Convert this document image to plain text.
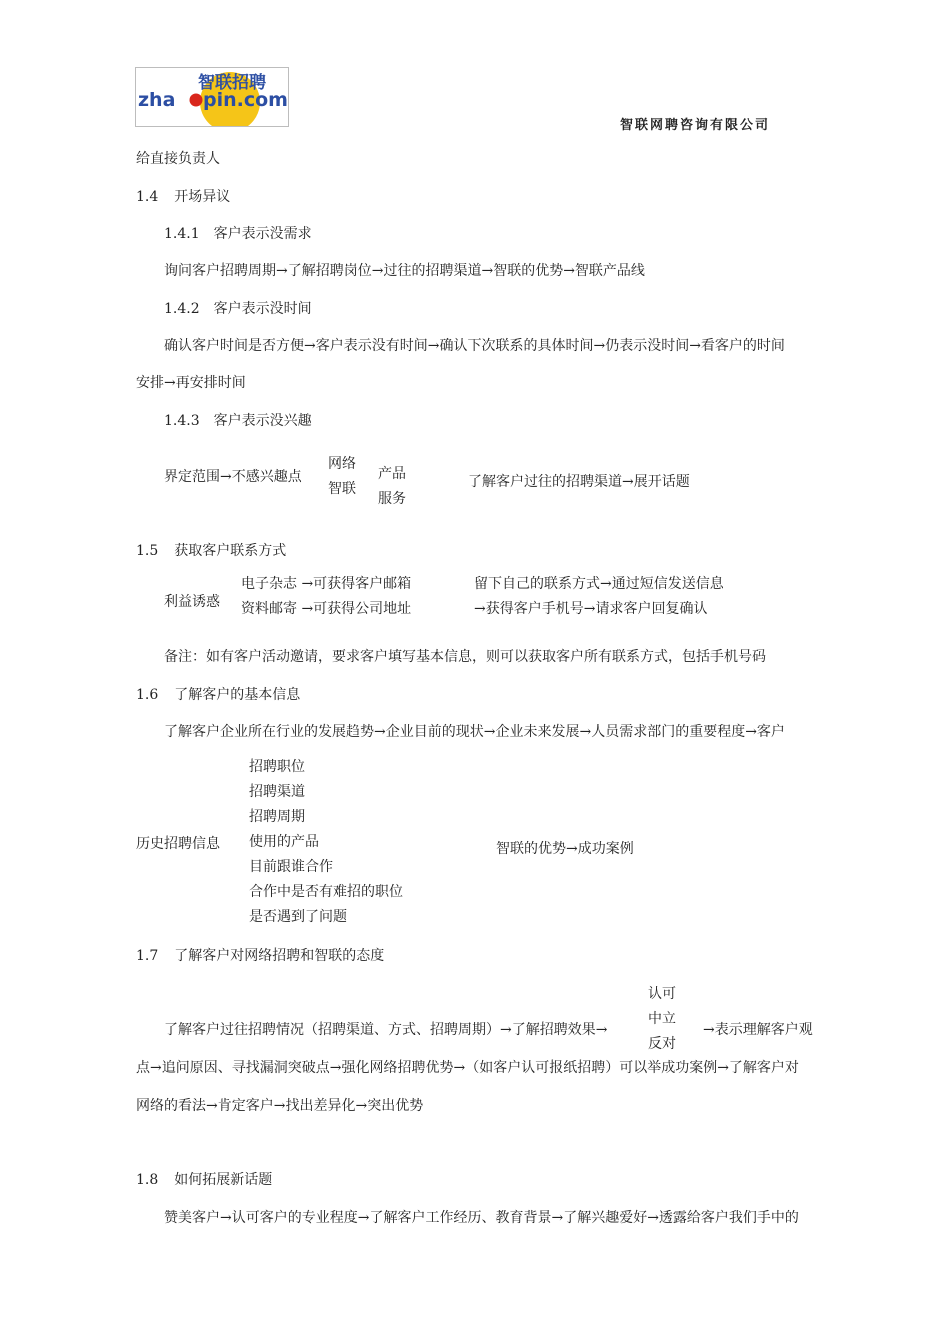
智联招聘
zha pin.com
智联网聘咨询有限公司
给直接负责人
1.4 开场异议
1.4.1 客户表示没需求
询问客户招聘周期→了解招聘岗位→过往的招聘渠道→智联的优势→智联产品线
1.4.2 客户表示没时间
确认客户时间是否方便→客户表示没有时间→确认下次联系的具体时间→仍表示没时间→看客户的时间
安排→再安排时间
1.4.3 客户表示没兴趣
界定范围→不感兴趣点
网络
智联
产品
服务
了解客户过往的招聘渠道→展开话题
1.5 获取客户联系方式
利益诱惑
电子杂志 →可获得客户邮箱
资料邮寄 →可获得公司地址
留下自己的联系方式→通过短信发送信息
→获得客户手机号→请求客户回复确认
备注：如有客户活动邀请，要求客户填写基本信息，则可以获取客户所有联系方式，包括手机号码
1.6 了解客户的基本信息
了解客户企业所在行业的发展趋势→企业目前的现状→企业未来发展→人员需求部门的重要程度→客户
历史招聘信息
招聘职位
招聘渠道
招聘周期
使用的产品
目前跟谁合作
合作中是否有难招的职位
是否遇到了问题
智联的优势→成功案例
1.7 了解客户对网络招聘和智联的态度
认可
中立
反对
了解客户过往招聘情况（招聘渠道、方式、招聘周期）→了解招聘效果→	→表示理解客户观
点→追问原因、寻找漏洞突破点→强化网络招聘优势→（如客户认可报纸招聘）可以举成功案例→了解客户对
网络的看法→肯定客户→找出差异化→突出优势
1.8 如何拓展新话题
赞美客户→认可客户的专业程度→了解客户工作经历、教育背景→了解兴趣爱好→透露给客户我们手中的
